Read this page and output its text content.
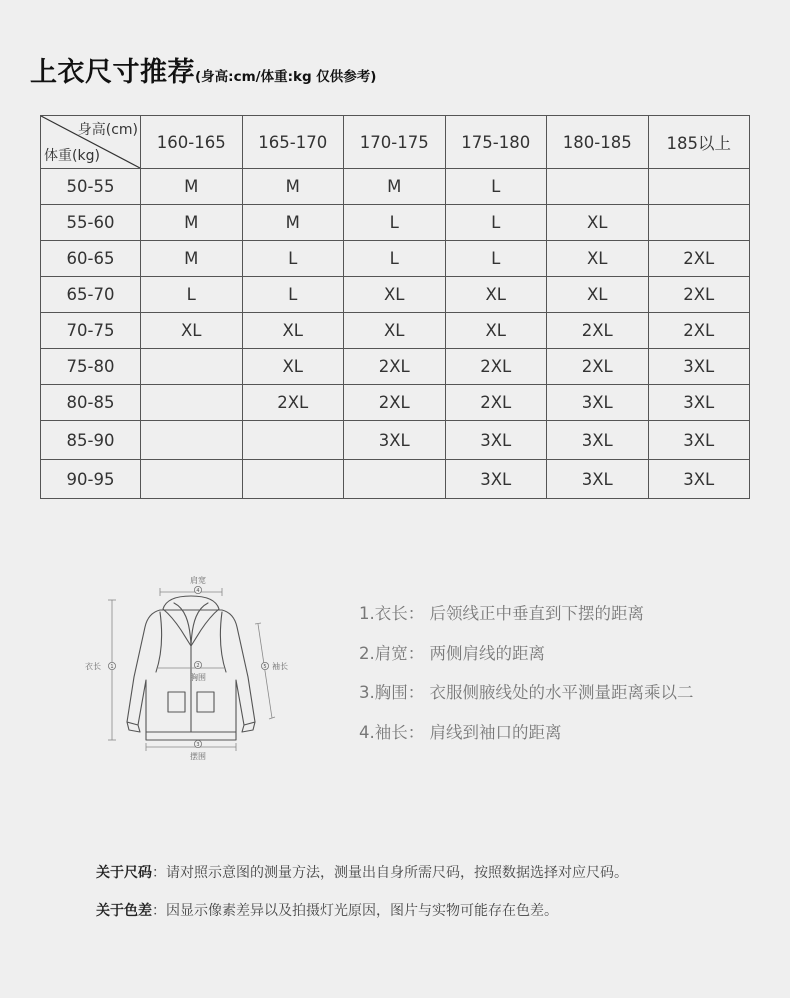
上衣尺寸推荐(身高:cm/体重:kg 仅供参考)
身高(cm)
体重(kg)	160-165	165-170	170-175	175-180	180-185	185以上
50-55	M	M	M	L		
55-60	M	M	L	L	XL	
60-65	M	L	L	L	XL	2XL
65-70	L	L	XL	XL	XL	2XL
70-75	XL	XL	XL	XL	2XL	2XL
75-80		XL	2XL	2XL	2XL	3XL
80-85		2XL	2XL	2XL	3XL	3XL
85-90			3XL	3XL	3XL	3XL
90-95				3XL	3XL	3XL
4
1	2	5
3
肩宽
衣长
胸围
袖长
摆围
1.衣长： 后领线正中垂直到下摆的距离
2.肩宽： 两侧肩线的距离
3.胸围： 衣服侧腋线处的水平测量距离乘以二
4.袖长： 肩线到袖口的距离
关于尺码：请对照示意图的测量方法，测量出自身所需尺码，按照数据选择对应尺码。
关于色差：因显示像素差异以及拍摄灯光原因，图片与实物可能存在色差。
